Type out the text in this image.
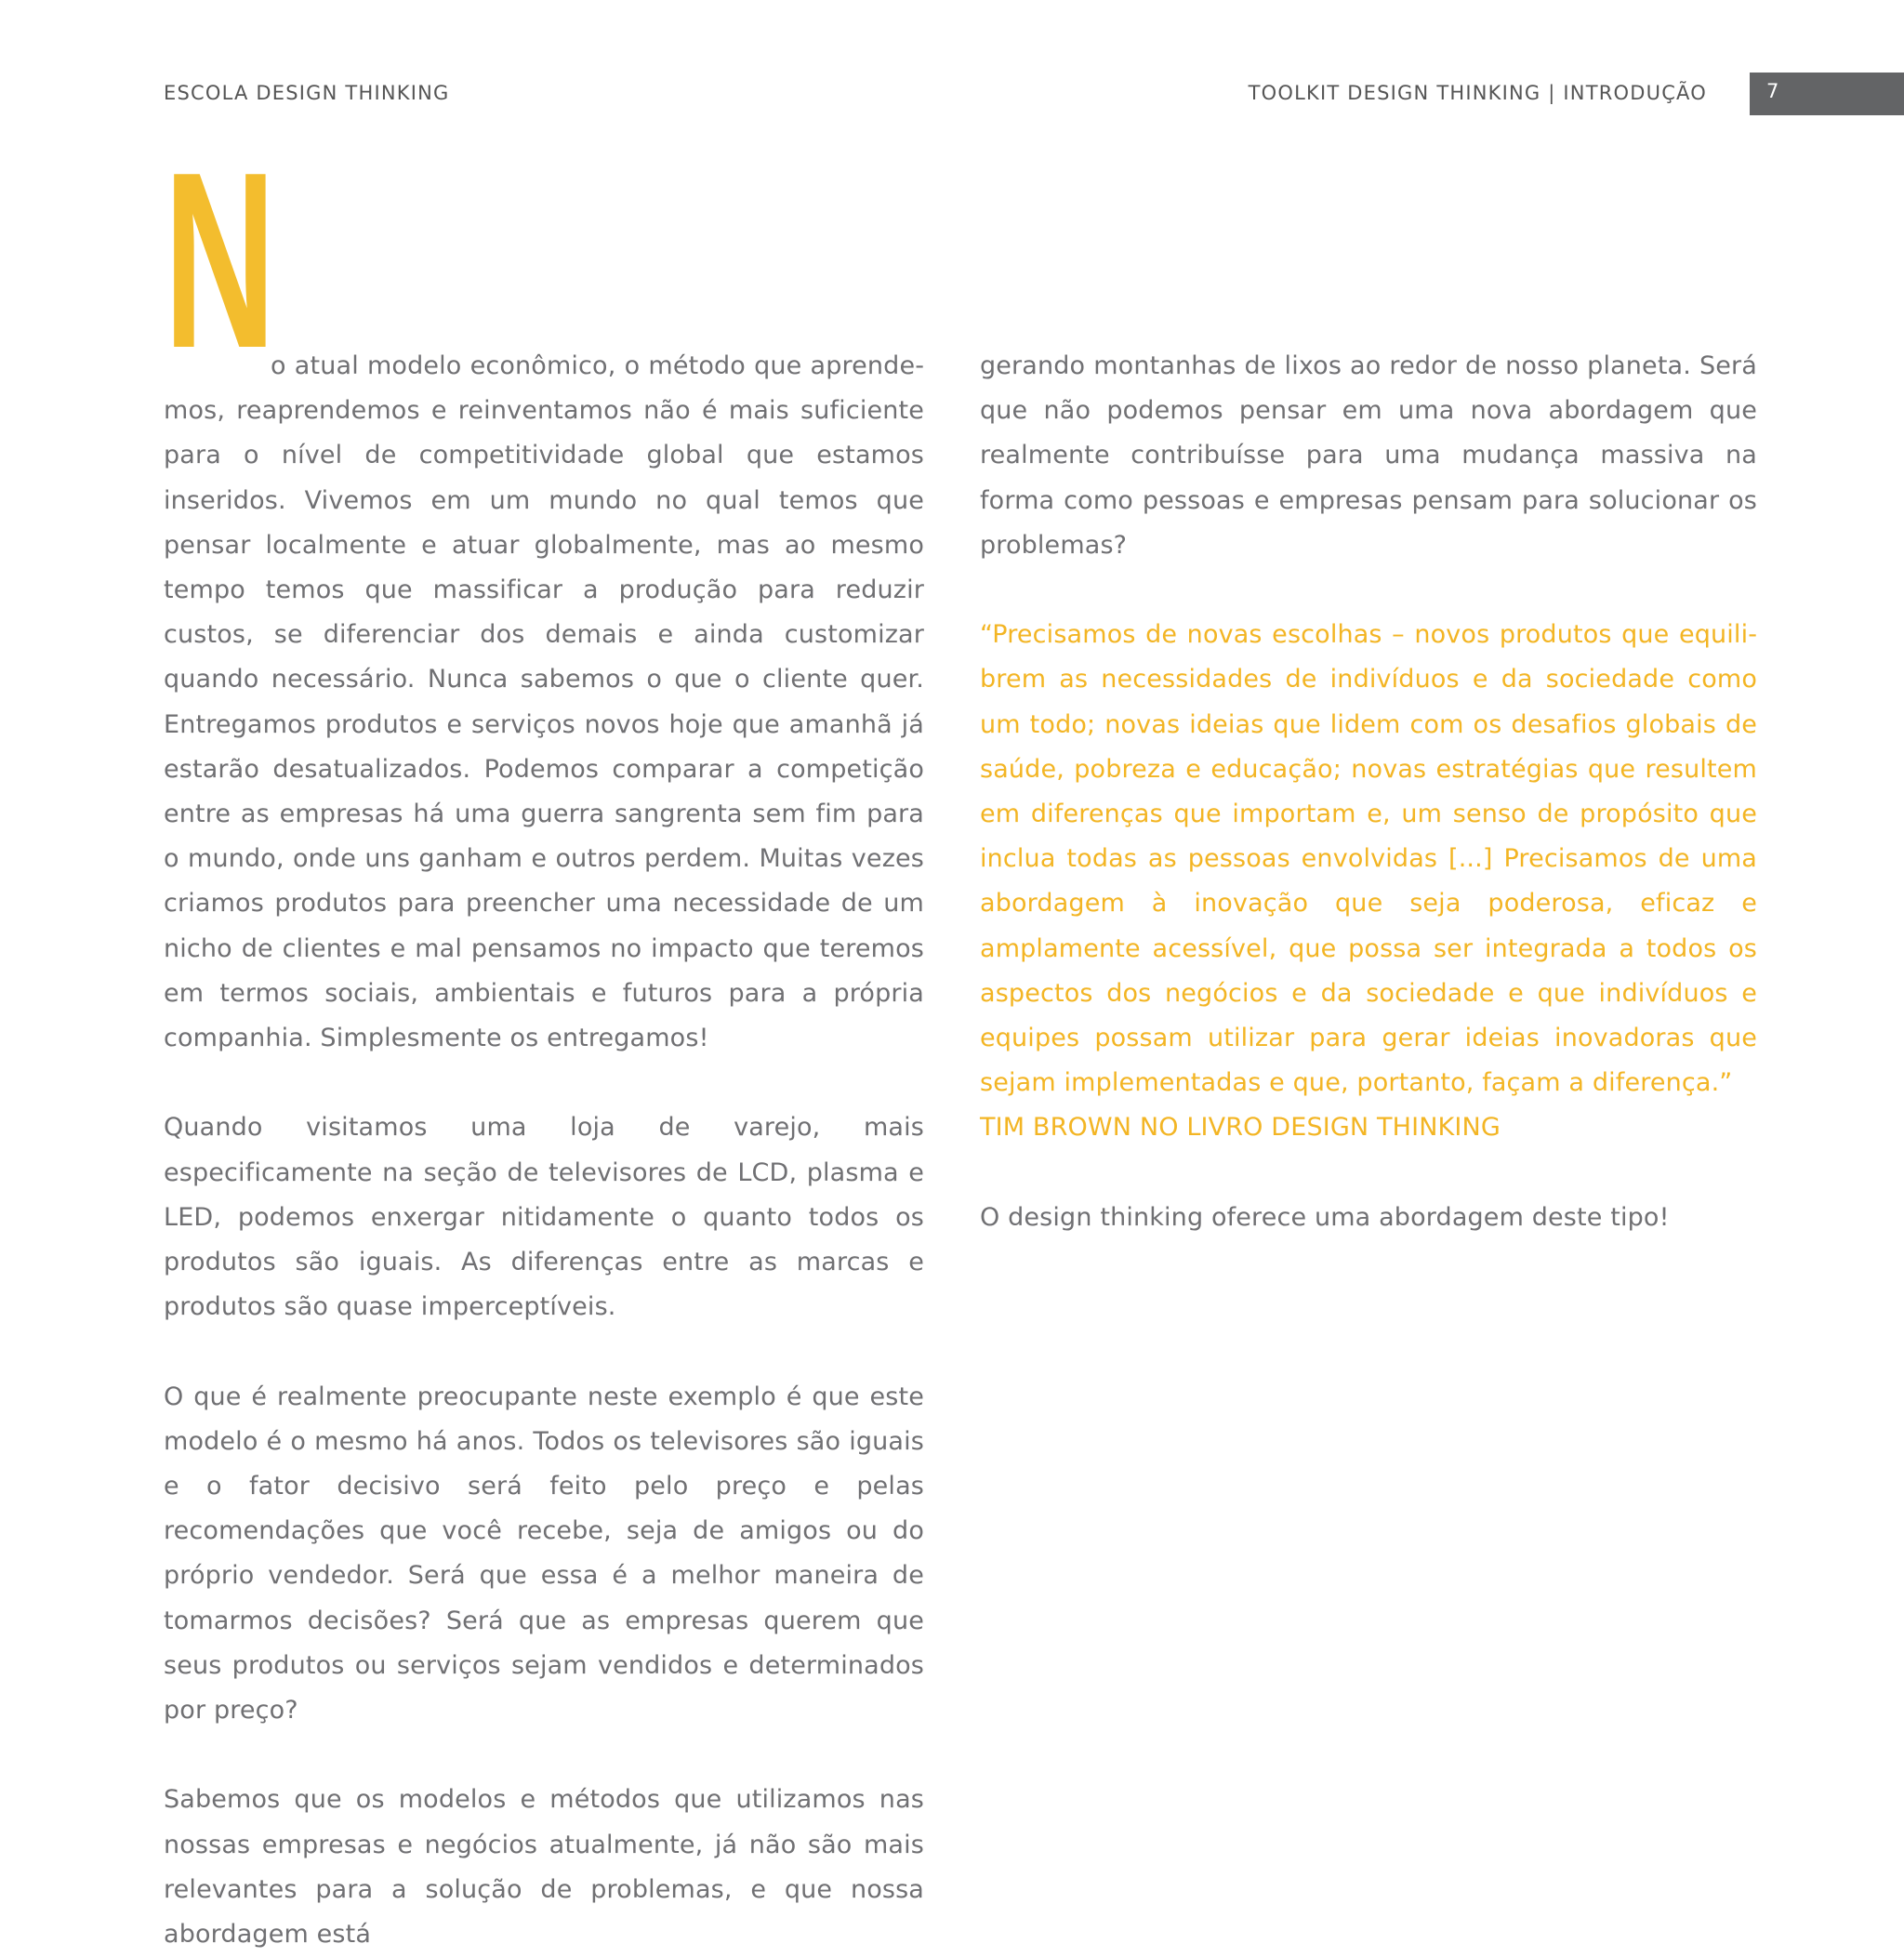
ESCOLA DESIGN THINKING	TOOLKIT DESIGN THINKING | INTRODUÇÃO	7
N

o atual modelo econômico, o método que aprendemos, reaprendemos e reinventamos não é mais suficiente para o nível de competitividade global que estamos inseridos. Vivemos em um mundo no qual temos que pensar localmente e atuar globalmente, mas ao mesmo tempo temos que massificar a produção para reduzir custos, se diferenciar dos demais e ainda customizar quando necessário. Nunca sabemos o que o cliente quer. Entregamos produtos e serviços novos hoje que amanhã já estarão desatualizados. Podemos comparar a competição entre as empresas há uma guerra sangrenta sem fim para o mundo, onde uns ganham e outros perdem. Muitas vezes criamos produtos para preencher uma necessidade de um nicho de clientes e mal pensamos no impacto que teremos em termos sociais, ambientais e futuros para a própria companhia. Simplesmente os entregamos!

Quando visitamos uma loja de varejo, mais especificamente na seção de televisores de LCD, plasma e LED, podemos enxergar nitidamente o quanto todos os produtos são iguais. As diferenças entre as marcas e produtos são quase imperceptíveis.

O que é realmente preocupante neste exemplo é que este modelo é o mesmo há anos. Todos os televisores são iguais e o fator decisivo será feito pelo preço e pelas recomendações que você recebe, seja de amigos ou do próprio vendedor. Será que essa é a melhor maneira de tomarmos decisões? Será que as empresas querem que seus produtos ou serviços sejam vendidos e determinados por preço?

Sabemos que os modelos e métodos que utilizamos nas nossas empresas e negócios atualmente, já não são mais relevantes para a solução de problemas, e que nossa abordagem está

gerando montanhas de lixos ao redor de nosso planeta. Será que não podemos pensar em uma nova abordagem que realmente contribuísse para uma mudança massiva na forma como pessoas e empresas pensam para solucionar os problemas?

“Precisamos de novas escolhas – novos produtos que equilibrem as necessidades de indivíduos e da sociedade como um todo; novas ideias que lidem com os desafios globais de saúde, pobreza e educação; novas estratégias que resultem em diferenças que importam e, um senso de propósito que inclua todas as pessoas envolvidas [...] Precisamos de uma abordagem à inovação que seja poderosa, eficaz e amplamente acessível, que possa ser integrada a todos os aspectos dos negócios e da sociedade e que indivíduos e equipes possam utilizar para gerar ideias inovadoras que sejam implementadas e que, portanto, façam a diferença.”

TIM BROWN NO LIVRO DESIGN THINKING

O design thinking oferece uma abordagem deste tipo!
